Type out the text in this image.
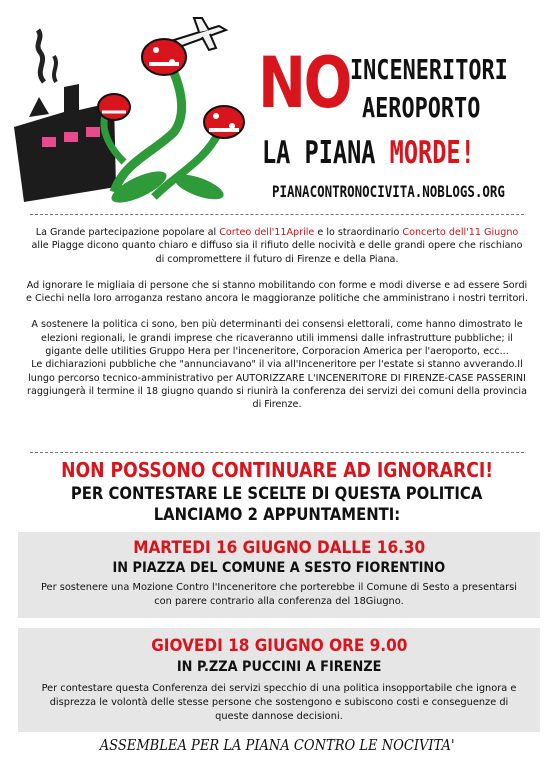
NO INCENERITORI
AEROPORTO
LA PIANA MORDE!
PIANACONTRONOCIVITA.NOBLOGS.ORG

La Grande partecipazione popolare al Corteo dell'11Aprile e lo straordinario Concerto dell'11 Giugno alle Piagge dicono quanto chiaro e diffuso sia il rifiuto delle nocività e delle grandi opere che rischiano di compromettere il futuro di Firenze e della Piana.

Ad ignorare le migliaia di persone che si stanno mobilitando con forme e modi diverse e ad essere Sordi e Ciechi nella loro arroganza restano ancora le maggioranze politiche che amministrano i nostri territori.

A sostenere la politica ci sono, ben più determinanti dei consensi elettorali, come hanno dimostrato le elezioni regionali, le grandi imprese che ricaveranno utili immensi dalle infrastrutture pubbliche; il gigante delle utilities Gruppo Hera per l'inceneritore, Corporacion America per l'aeroporto, ecc...

Le dichiarazioni pubbliche che "annunciavano" il via all'Inceneritore per l'estate si stanno avverando.Il lungo percorso tecnico-amministrativo per AUTORIZZARE L'INCENERITORE DI FIRENZE-CASE PASSERINI raggiungerà il termine il 18 giugno quando si riunirà la conferenza dei servizi dei comuni della provincia di Firenze.

NON POSSONO CONTINUARE AD IGNORARCI!
PER CONTESTARE LE SCELTE DI QUESTA POLITICA
LANCIAMO 2 APPUNTAMENTI:
MARTEDI 16 GIUGNO DALLE 16.30
IN PIAZZA DEL COMUNE A SESTO FIORENTINO
Per sostenere una Mozione Contro l'Inceneritore che porterebbe il Comune di Sesto a presentarsi con parere contrario alla conferenza del 18Giugno.
GIOVEDI 18 GIUGNO ORE 9.00
IN P.ZZA PUCCINI A FIRENZE
Per contestare questa Conferenza dei servizi specchio di una politica insopportabile che ignora e disprezza le volontà delle stesse persone che sostengono e subiscono costi e conseguenze di queste dannose decisioni.
ASSEMBLEA PER LA PIANA CONTRO LE NOCIVITA'
